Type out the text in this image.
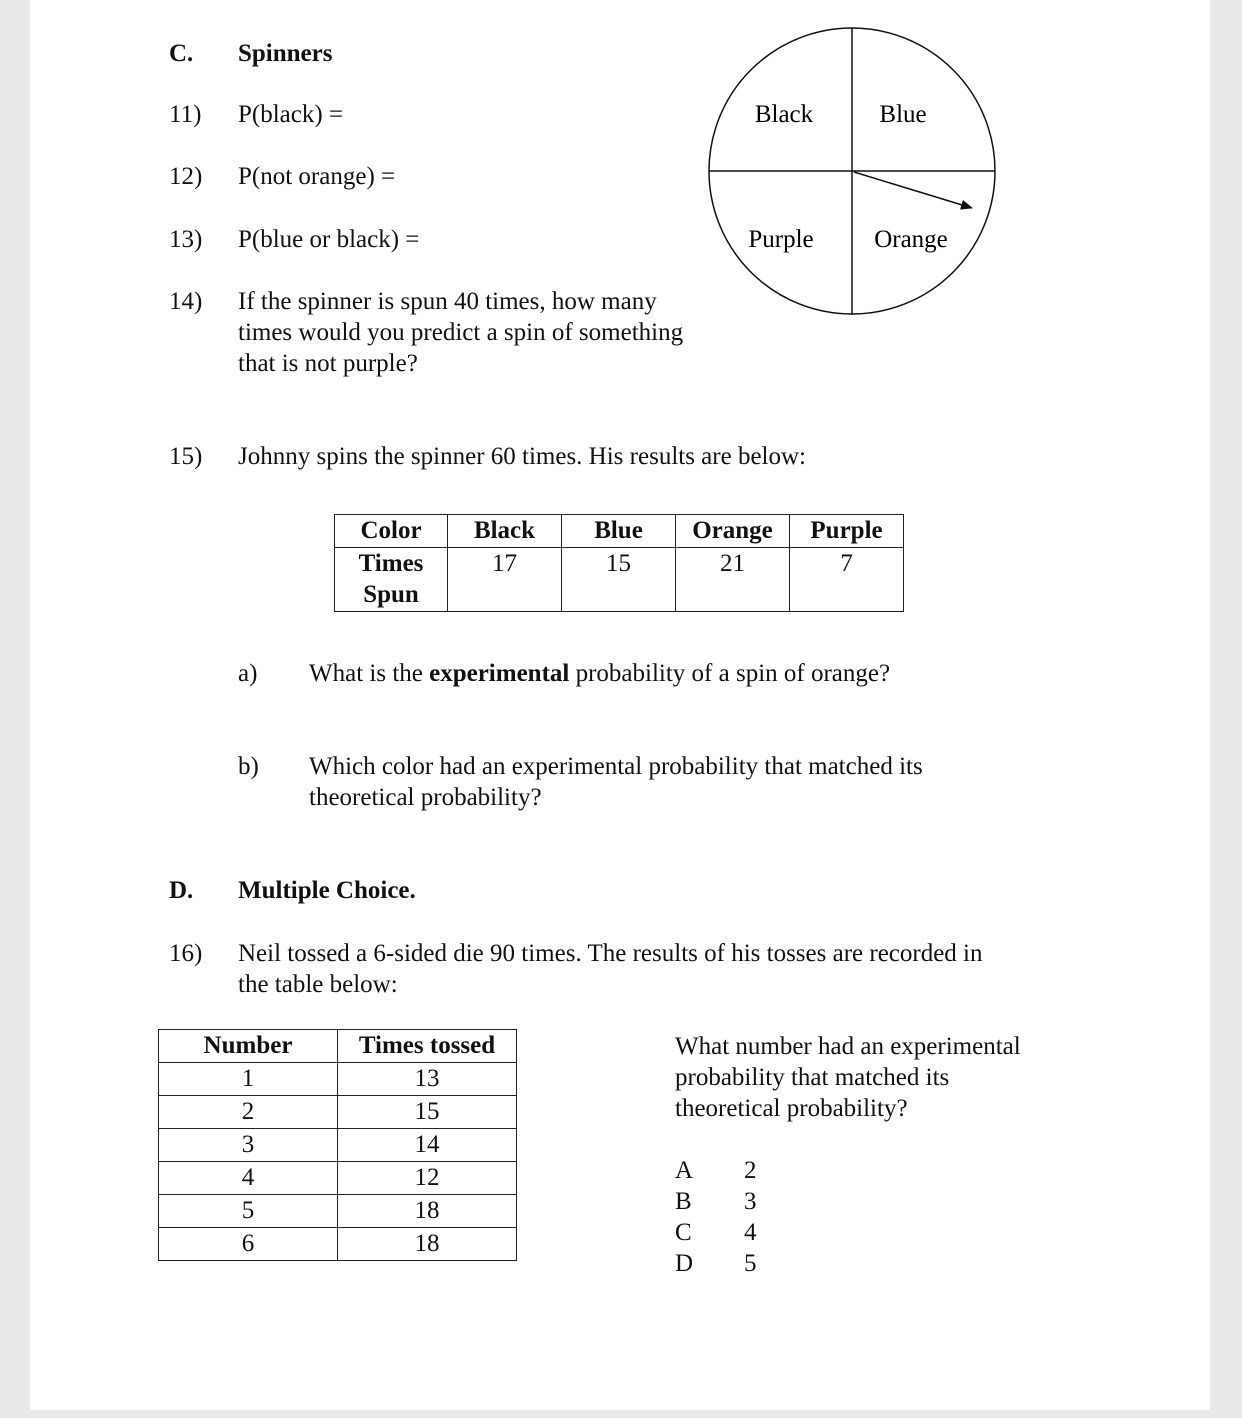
C. Spinners
11) P(black) =
12) P(not orange) =
13) P(blue or black) =
14) If the spinner is spun 40 times, how many
times would you predict a spin of something
that is not purple?
Black	Blue
Purple Orange
15) Johnny spins the spinner 60 times. His results are below:
Color	Black	Blue	Orange	Purple

Times
Spun	17	15	21	7
a) What is the experimental probability of a spin of orange?
b) Which color had an experimental probability that matched its
theoretical probability?
D. Multiple Choice.
16) Neil tossed a 6-sided die 90 times. The results of his tosses are recorded in
the table below:
Number	Times tossed
1	13
2	15
3	14
4	12
5	18
6	18
What number had an experimental
probability that matched its
theoretical probability?
A 2
B 3
C 4
D 5
